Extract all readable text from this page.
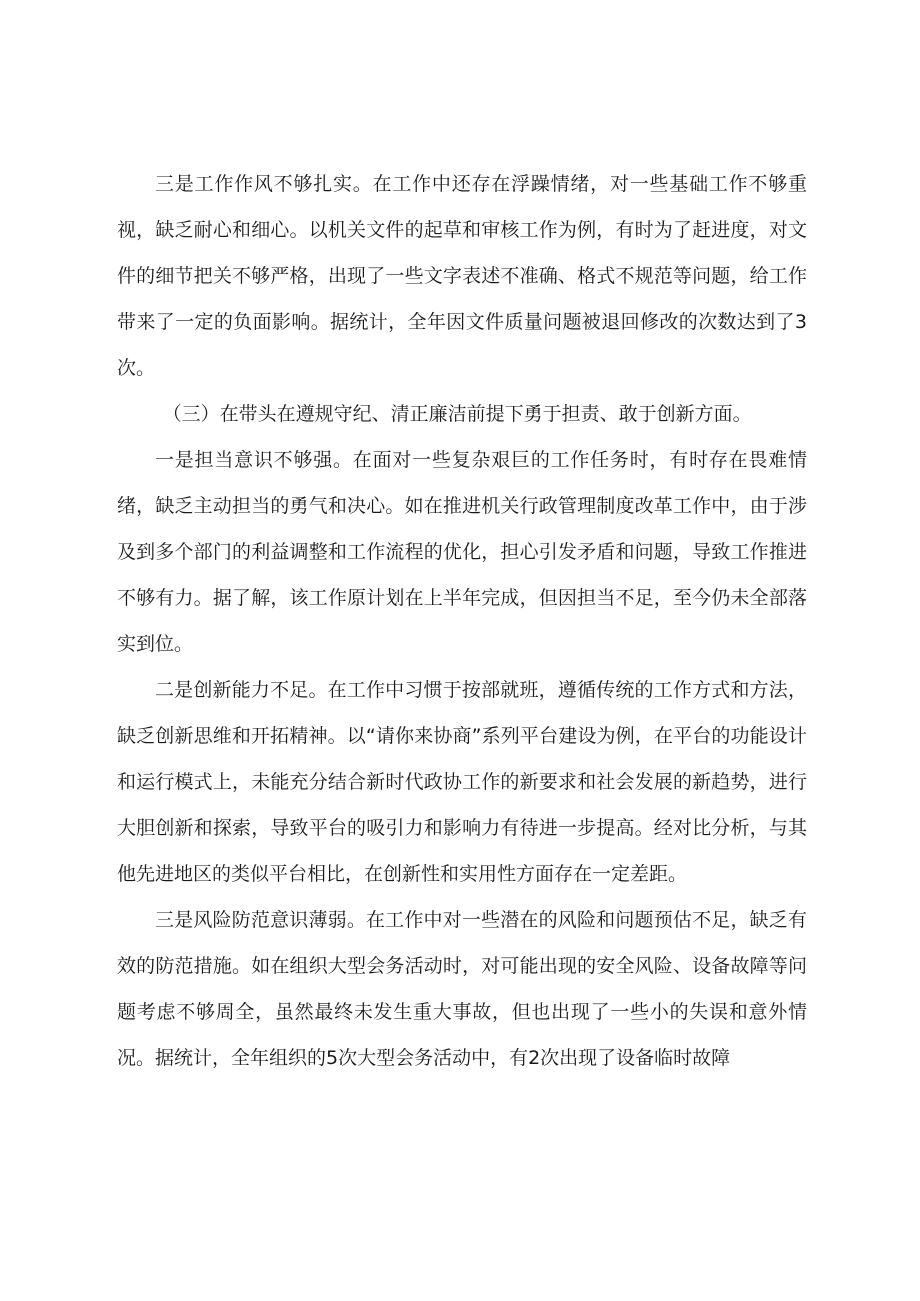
三是工作作风不够扎实。在工作中还存在浮躁情绪，对一些基础工作不够重视，缺乏耐心和细心。以机关文件的起草和审核工作为例，有时为了赶进度，对文件的细节把关不够严格，出现了一些文字表述不准确、格式不规范等问题，给工作带来了一定的负面影响。据统计，全年因文件质量问题被退回修改的次数达到了3次。

（三）在带头在遵规守纪、清正廉洁前提下勇于担责、敢于创新方面。

一是担当意识不够强。在面对一些复杂艰巨的工作任务时，有时存在畏难情绪，缺乏主动担当的勇气和决心。如在推进机关行政管理制度改革工作中，由于涉及到多个部门的利益调整和工作流程的优化，担心引发矛盾和问题，导致工作推进不够有力。据了解，该工作原计划在上半年完成，但因担当不足，至今仍未全部落实到位。

二是创新能力不足。在工作中习惯于按部就班，遵循传统的工作方式和方法，缺乏创新思维和开拓精神。以“请你来协商”系列平台建设为例，在平台的功能设计和运行模式上，未能充分结合新时代政协工作的新要求和社会发展的新趋势，进行大胆创新和探索，导致平台的吸引力和影响力有待进一步提高。经对比分析，与其他先进地区的类似平台相比，在创新性和实用性方面存在一定差距。

三是风险防范意识薄弱。在工作中对一些潜在的风险和问题预估不足，缺乏有效的防范措施。如在组织大型会务活动时，对可能出现的安全风险、设备故障等问题考虑不够周全，虽然最终未发生重大事故，但也出现了一些小的失误和意外情况。据统计，全年组织的5次大型会务活动中，有2次出现了设备临时故障
